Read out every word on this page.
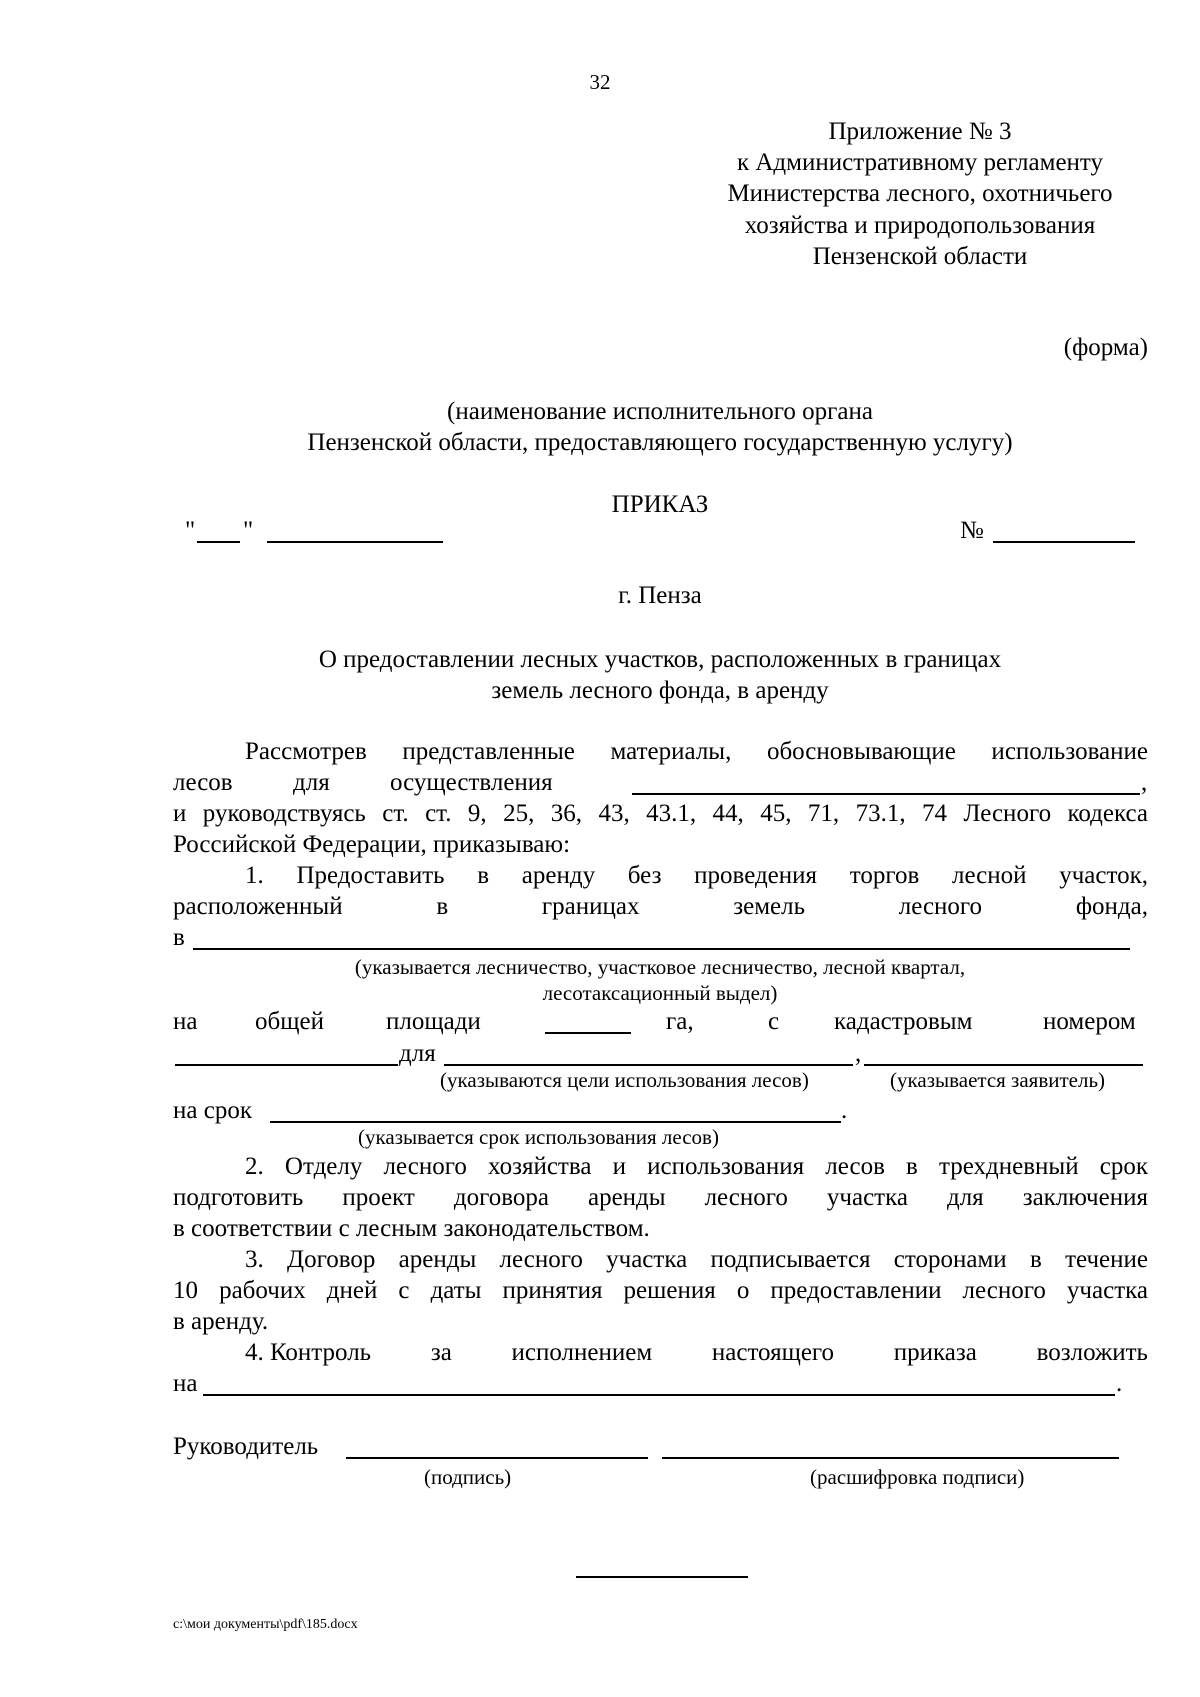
32
Приложение № 3
к Административному регламенту
Министерства лесного, охотничьего
хозяйства и природопользования
Пензенской области
(форма)
(наименование исполнительного органа
Пензенской области, предоставляющего государственную услугу)
ПРИКАЗ
" "	№
г. Пенза
О предоставлении лесных участков, расположенных в границах
земель лесного фонда, в аренду
Рассмотрев представленные материалы, обосновывающие использование
лесов для осуществления	,
и руководствуясь ст. ст. 9, 25, 36, 43, 43.1, 44, 45, 71, 73.1, 74 Лесного кодекса
Российской Федерации, приказываю:
1. Предоставить в аренду без проведения торгов лесной участок,
расположенный	в	границах	земель	лесного	фонда,
в
(указывается лесничество, участковое лесничество, лесной квартал,
лесотаксационный выдел)
на общей площади	га,	с кадастровым	номером
для	,
(указываются цели использования лесов)	(указывается заявитель)
на срок	.
(указывается срок использования лесов)
2. Отделу лесного хозяйства и использования лесов в трехдневный срок
подготовить проект договора аренды лесного участка для заключения
в соответствии с лесным законодательством.
3. Договор аренды лесного участка подписывается сторонами в течение
10 рабочих дней с даты принятия решения о предоставлении лесного участка
в аренду.
4. Контроль за исполнением настоящего приказа возложить
на	.
Руководитель
(подпись)	(расшифровка подписи)
с:\мои документы\pdf\185.docx
